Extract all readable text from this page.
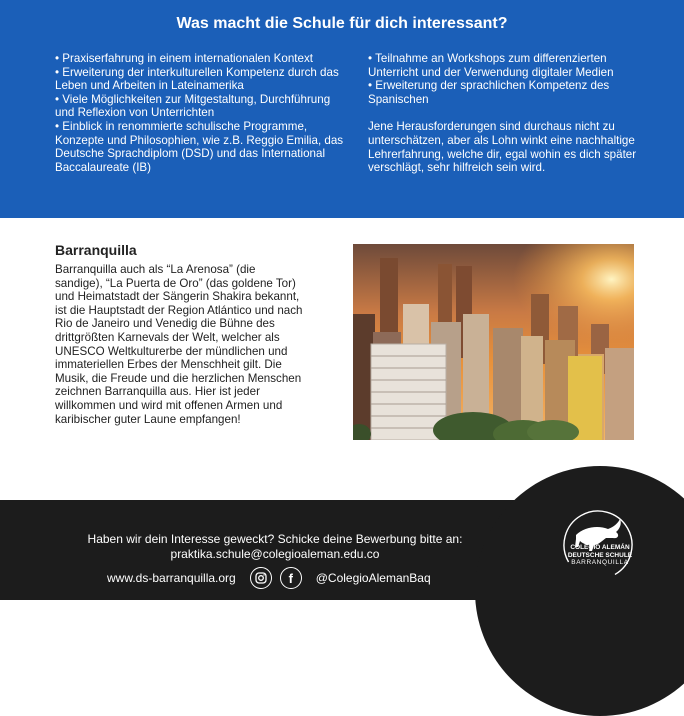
Was macht die Schule für dich interessant?
• Praxiserfahrung in einem internationalen Kontext
• Erweiterung der interkulturellen Kompetenz durch das Leben und Arbeiten in Lateinamerika
• Viele Möglichkeiten zur Mitgestaltung, Durchführung und Reflexion von Unterrichten
• Einblick in renommierte schulische Programme, Konzepte und Philosophien, wie z.B. Reggio Emilia, das Deutsche Sprachdiplom (DSD) und das International Baccalaureate (IB)
• Teilnahme an Workshops zum differenzierten Unterricht und der Verwendung digitaler Medien
• Erweiterung der sprachlichen Kompetenz des Spanischen

Jene Herausforderungen sind durchaus nicht zu unterschätzen, aber als Lohn winkt eine nachhaltige Lehrerfahrung, welche dir, egal wohin es dich später verschlägt, sehr hilfreich sein wird.

Barranquilla
Barranquilla auch als “La Arenosa” (die sandige), “La Puerta de Oro” (das goldene Tor) und Heimatstadt der Sängerin Shakira bekannt, ist die Hauptstadt der Region Atlántico und nach Rio de Janeiro und Venedig die Bühne des drittgrößten Karnevals der Welt, welcher als UNESCO Weltkulturerbe der mündlichen und immateriellen Erbes der Menschheit gilt. Die Musik, die Freude und die herzlichen Menschen zeichnen Barranquilla aus. Hier ist jeder willkommen und wird mit offenen Armen und karibischer guter Laune empfangen!
Haben wir dein Interesse geweckt? Schicke deine Bewerbung bitte an:
praktika.schule@colegioaleman.edu.co
www.ds-barranquilla.org	f @ColegioAlemanBaq
COLEGIO ALEMÁN
DEUTSCHE SCHULE
BARRANQUILLA
